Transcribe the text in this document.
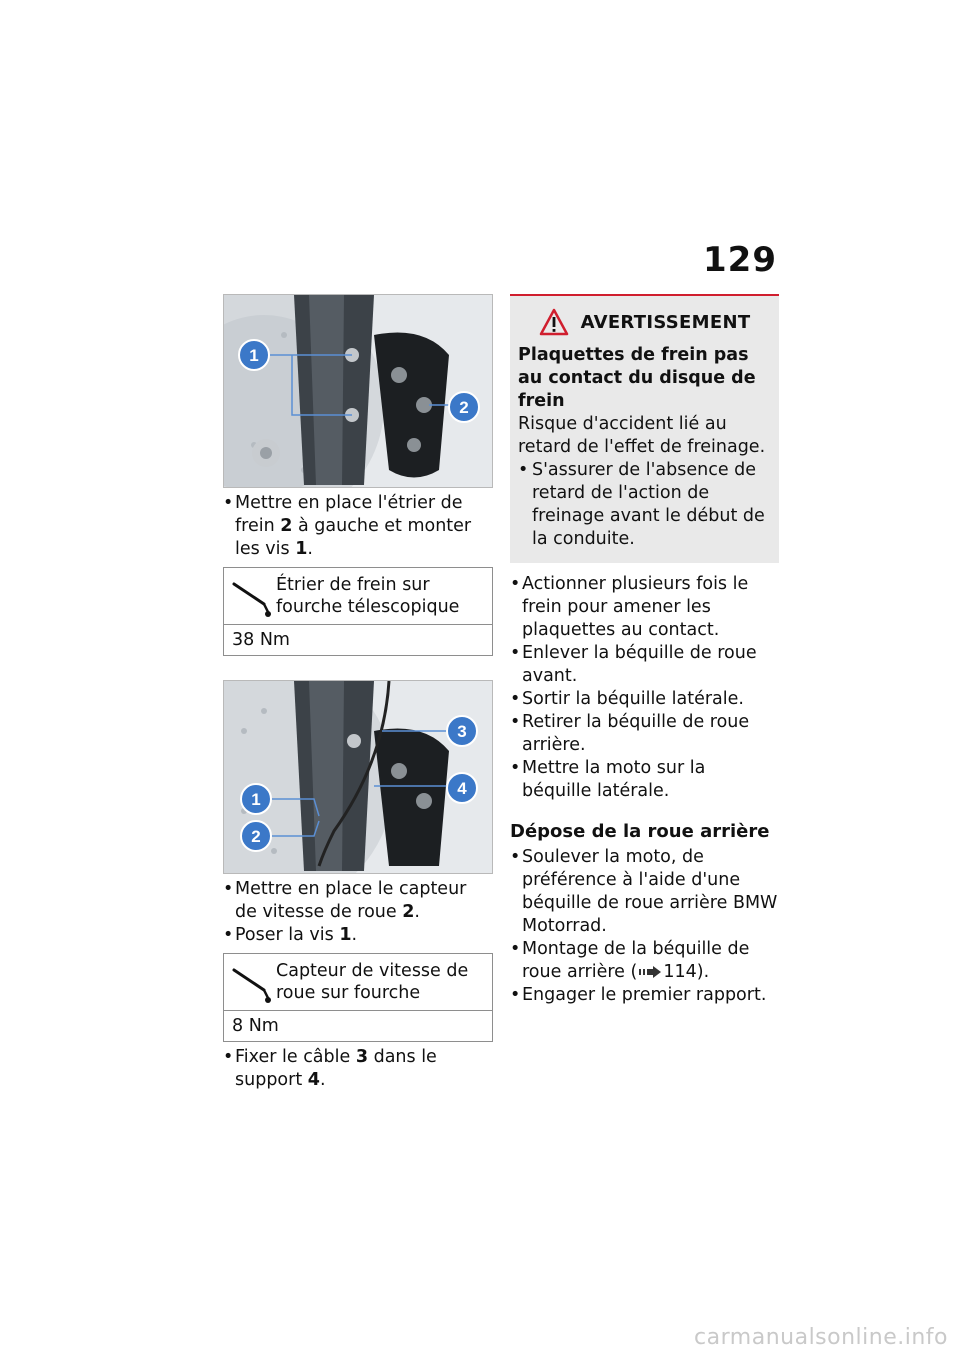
129
1
2
• Mettre en place l'étrier de frein 2 à gauche et monter les vis 1.
Étrier de frein sur fourche télescopique
38 Nm
3
1
4
2
• Mettre en place le capteur de vitesse de roue 2.
• Poser la vis 1.
Capteur de vitesse de roue sur fourche
8 Nm
• Fixer le câble 3 dans le support 4.
AVERTISSEMENT
Plaquettes de frein pas au contact du disque de frein
Risque d'accident lié au retard de l'effet de freinage.
• S'assurer de l'absence de retard de l'action de freinage avant le début de la conduite.
• Actionner plusieurs fois le frein pour amener les plaquettes au contact.
• Enlever la béquille de roue avant.
• Sortir la béquille latérale.
• Retirer la béquille de roue arrière.
• Mettre la moto sur la béquille latérale.
Dépose de la roue arrière
• Soulever la moto, de préférence à l'aide d'une béquille de roue arrière BMW Motorrad.
• Montage de la béquille de roue arrière ( 114).
• Engager le premier rapport.
carmanualsonline.info
